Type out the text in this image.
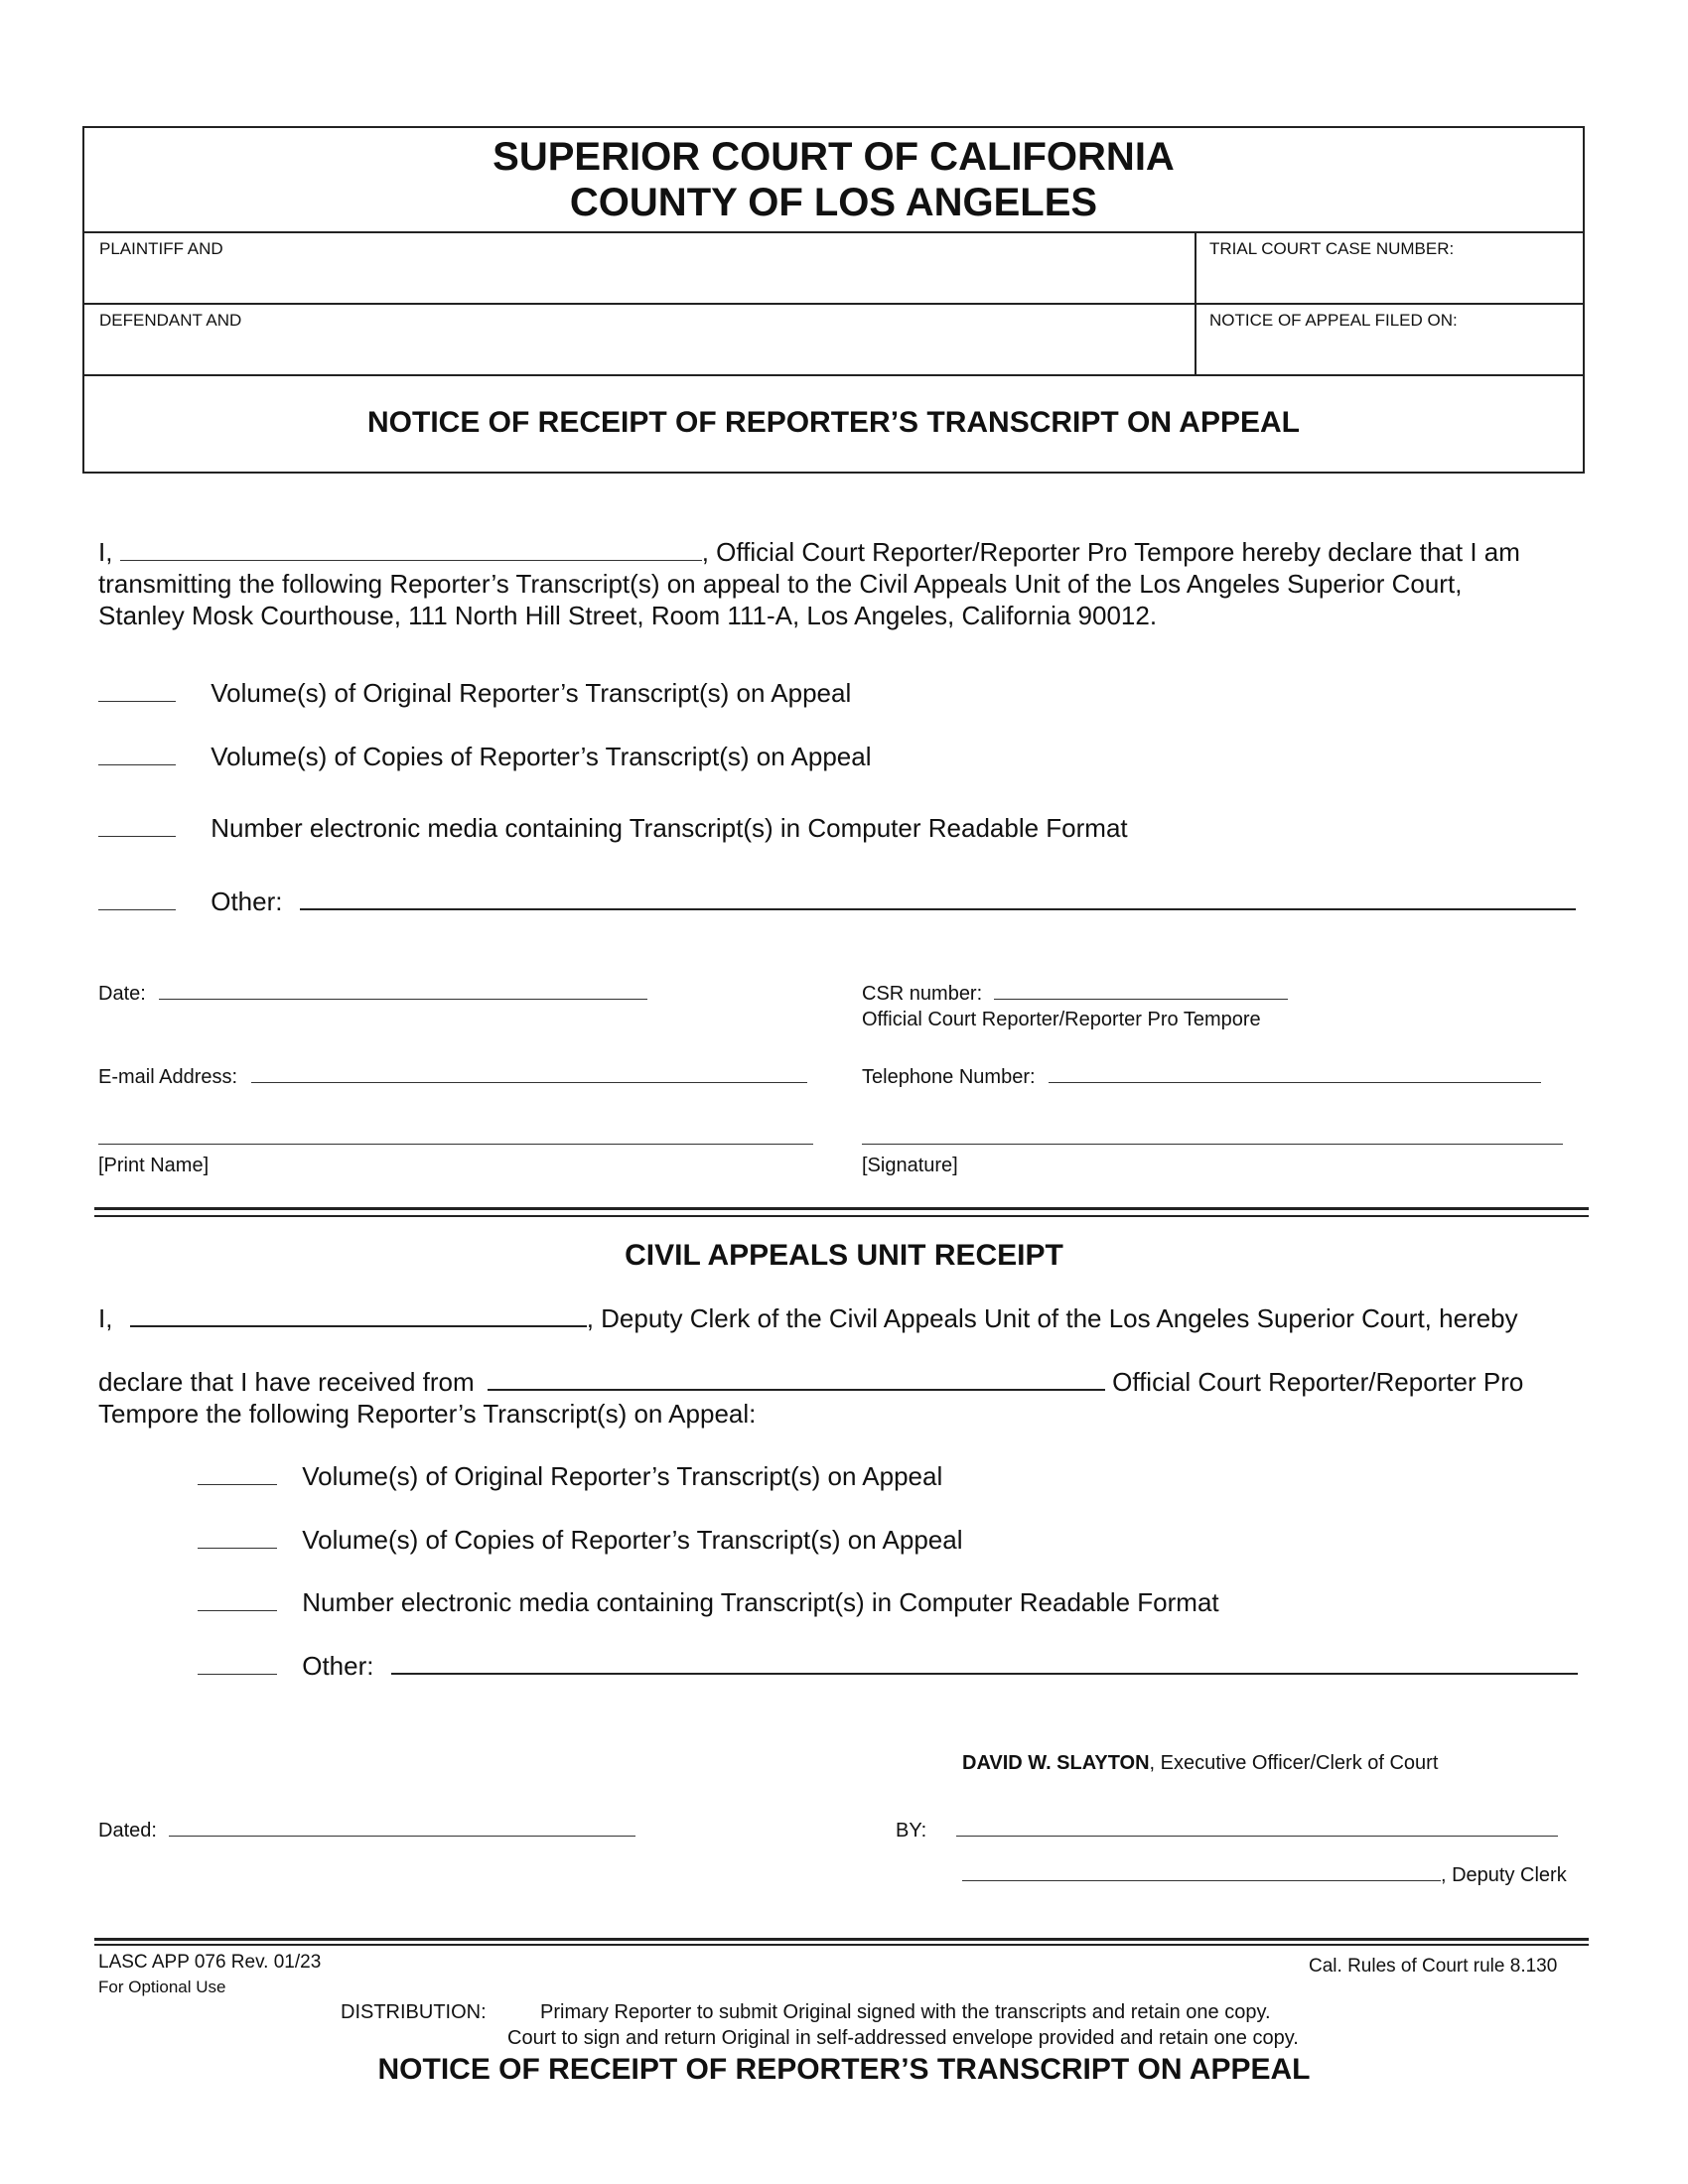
SUPERIOR COURT OF CALIFORNIA
COUNTY OF LOS ANGELES
PLAINTIFF AND	TRIAL COURT CASE NUMBER:
DEFENDANT AND	NOTICE OF APPEAL FILED ON:
NOTICE OF RECEIPT OF REPORTER’S TRANSCRIPT ON APPEAL
I,	, Official Court Reporter/Reporter Pro Tempore hereby declare that I am
transmitting the following Reporter’s Transcript(s) on appeal to the Civil Appeals Unit of the Los Angeles Superior Court,
Stanley Mosk Courthouse, 111 North Hill Street, Room 111-A, Los Angeles, California 90012.
Volume(s) of Original Reporter’s Transcript(s) on Appeal
Volume(s) of Copies of Reporter’s Transcript(s) on Appeal
Number electronic media containing Transcript(s) in Computer Readable Format
Other:
Date:	CSR number:
Official Court Reporter/Reporter Pro Tempore
E-mail Address:	Telephone Number:
[Print Name]	[Signature]
CIVIL APPEALS UNIT RECEIPT
I,	, Deputy Clerk of the Civil Appeals Unit of the Los Angeles Superior Court, hereby
declare that I have received from	Official Court Reporter/Reporter Pro
Tempore the following Reporter’s Transcript(s) on Appeal:
Volume(s) of Original Reporter’s Transcript(s) on Appeal
Volume(s) of Copies of Reporter’s Transcript(s) on Appeal
Number electronic media containing Transcript(s) in Computer Readable Format
Other:
DAVID W. SLAYTON, Executive Officer/Clerk of Court
Dated:	BY:
, Deputy Clerk
LASC APP 076 Rev. 01/23
For Optional Use
Cal. Rules of Court rule 8.130
DISTRIBUTION:	Primary Reporter to submit Original signed with the transcripts and retain one copy.
Court to sign and return Original in self-addressed envelope provided and retain one copy.
NOTICE OF RECEIPT OF REPORTER’S TRANSCRIPT ON APPEAL
